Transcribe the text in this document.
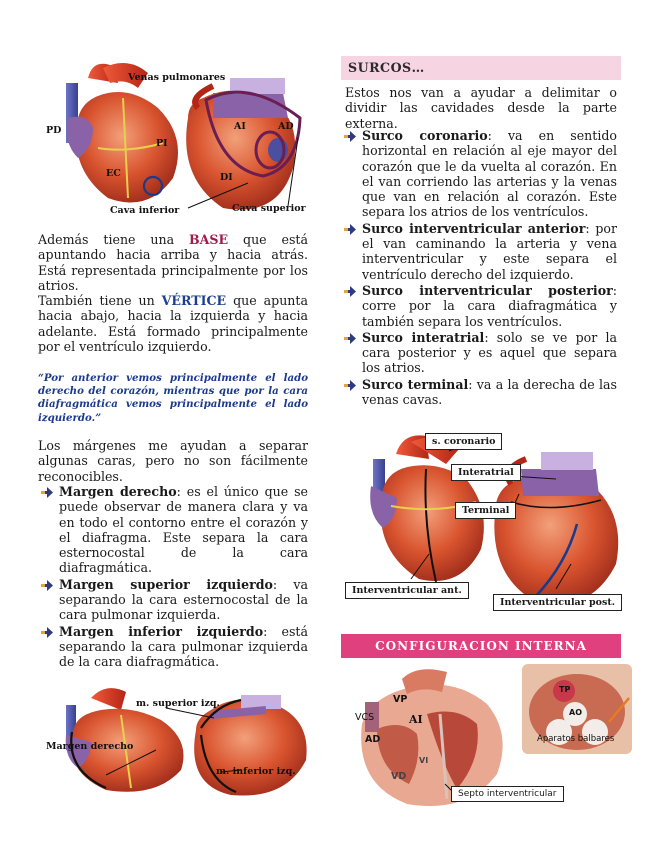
Venas pulmonares
PD
PI
EC
AI	AD
DI
Cava inferior	Cava superior
Además tiene una BASE que está apuntando hacia arriba y hacia atrás. Está representada principalmente por los atrios.
También tiene un VÉRTICE que apunta hacia abajo, hacia la izquierda y hacia adelante. Está formado principalmente por el ventrículo izquierdo.
“Por anterior vemos principalmente el lado derecho del corazón, mientras que por la cara diafragmática vemos principalmente el lado izquierdo.”
Los márgenes me ayudan a separar algunas caras, pero no son fácilmente reconocibles.
Margen derecho: es el único que se puede observar de manera clara y va en todo el contorno entre el corazón y el diafragma. Este separa la cara esternocostal de la cara diafragmática.
Margen superior izquierdo: va separando la cara esternocostal de la cara pulmonar izquierda.
Margen inferior izquierdo: está separando la cara pulmonar izquierda de la cara diafragmática.
m. superior izq.
Margen derecho
m. inferior izq.
SURCOS…
Estos nos van a ayudar a delimitar o dividir las cavidades desde la parte externa.
Surco coronario: va en sentido horizontal en relación al eje mayor del corazón que le da vuelta al corazón. En el van corriendo las arterias y la venas que van en relación al corazón. Este separa los atrios de los ventrículos.
Surco interventricular anterior: por el van caminando la arteria y vena interventricular y este separa el ventrículo derecho del izquierdo.
Surco interventricular posterior: corre por la cara diafragmática y también separa los ventrículos.
Surco interatrial: solo se ve por la cara posterior y es aquel que separa los atrios.
Surco terminal: va a la derecha de las venas cavas.
s. coronario
Interatrial
Terminal
Interventricular ant.
Interventricular post.
CONFIGURACION INTERNA
VP
VCS	AI
AD
VI
VD
Septo interventricular
TP
AO
Aparatos balbares
